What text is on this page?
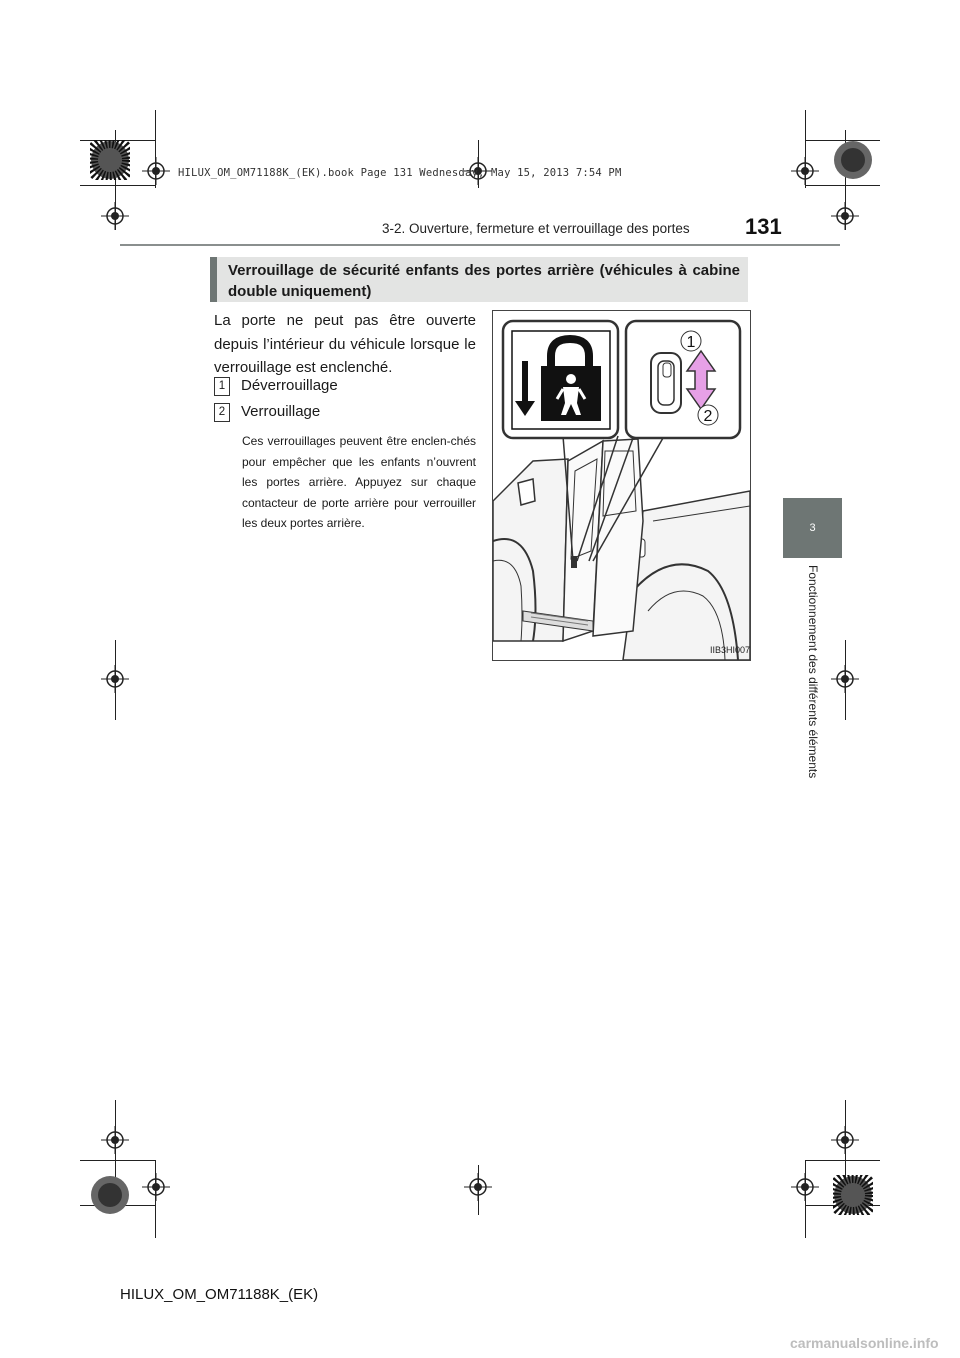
HILUX_OM_OM71188K_(EK).book Page 131 Wednesday, May 15, 2013 7:54 PM
3-2. Ouverture, fermeture et verrouillage des portes	131
3
Fonctionnement des différents éléments
Verrouillage de sécurité enfants des portes arrière (véhicules à cabine double uniquement)
La porte ne peut pas être ouverte depuis l’intérieur du véhicule lorsque le verrouillage est enclenché.
1	Déverrouillage
2	Verrouillage
Ces verrouillages peuvent être enclen-chés pour empêcher que les enfants n’ouvrent les portes arrière. Appuyez sur chaque contacteur de porte arrière pour verrouiller les deux portes arrière.
1
2
IIB3HI007
HILUX_OM_OM71188K_(EK)
carmanualsonline.info
